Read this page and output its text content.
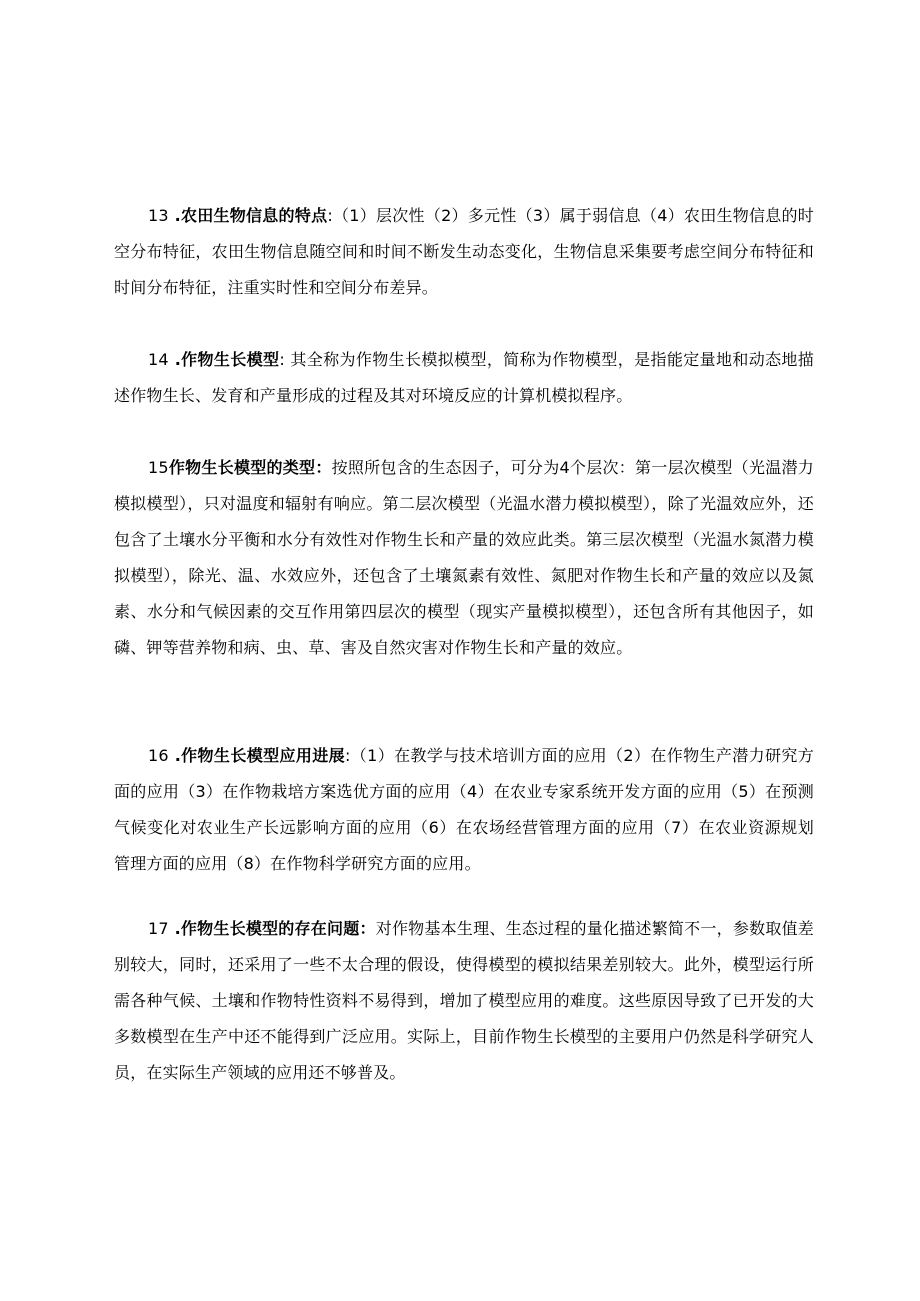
13 .农田生物信息的特点:（1）层次性（2）多元性（3）属于弱信息（4）农田生物信息的时空分布特征，农田生物信息随空间和时间不断发生动态变化，生物信息采集要考虑空间分布特征和时间分布特征，注重实时性和空间分布差异。

14 .作物生长模型: 其全称为作物生长模拟模型，简称为作物模型，是指能定量地和动态地描述作物生长、发育和产量形成的过程及其对环境反应的计算机模拟程序。

15作物生长模型的类型：按照所包含的生态因子，可分为4个层次：第一层次模型（光温潜力模拟模型），只对温度和辐射有响应。第二层次模型（光温水潜力模拟模型），除了光温效应外，还包含了土壤水分平衡和水分有效性对作物生长和产量的效应此类。第三层次模型（光温水氮潜力模拟模型），除光、温、水效应外，还包含了土壤氮素有效性、氮肥对作物生长和产量的效应以及氮素、水分和气候因素的交互作用第四层次的模型（现实产量模拟模型），还包含所有其他因子，如磷、钾等营养物和病、虫、草、害及自然灾害对作物生长和产量的效应。

16 .作物生长模型应用进展:（1）在教学与技术培训方面的应用（2）在作物生产潜力研究方面的应用（3）在作物栽培方案选优方面的应用（4）在农业专家系统开发方面的应用（5）在预测气候变化对农业生产长远影响方面的应用（6）在农场经营管理方面的应用（7）在农业资源规划管理方面的应用（8）在作物科学研究方面的应用。

17 .作物生长模型的存在问题：对作物基本生理、生态过程的量化描述繁简不一，参数取值差别较大，同时，还采用了一些不太合理的假设，使得模型的模拟结果差别较大。此外，模型运行所需各种气候、土壤和作物特性资料不易得到，增加了模型应用的难度。这些原因导致了已开发的大多数模型在生产中还不能得到广泛应用。实际上，目前作物生长模型的主要用户仍然是科学研究人员，在实际生产领域的应用还不够普及。
